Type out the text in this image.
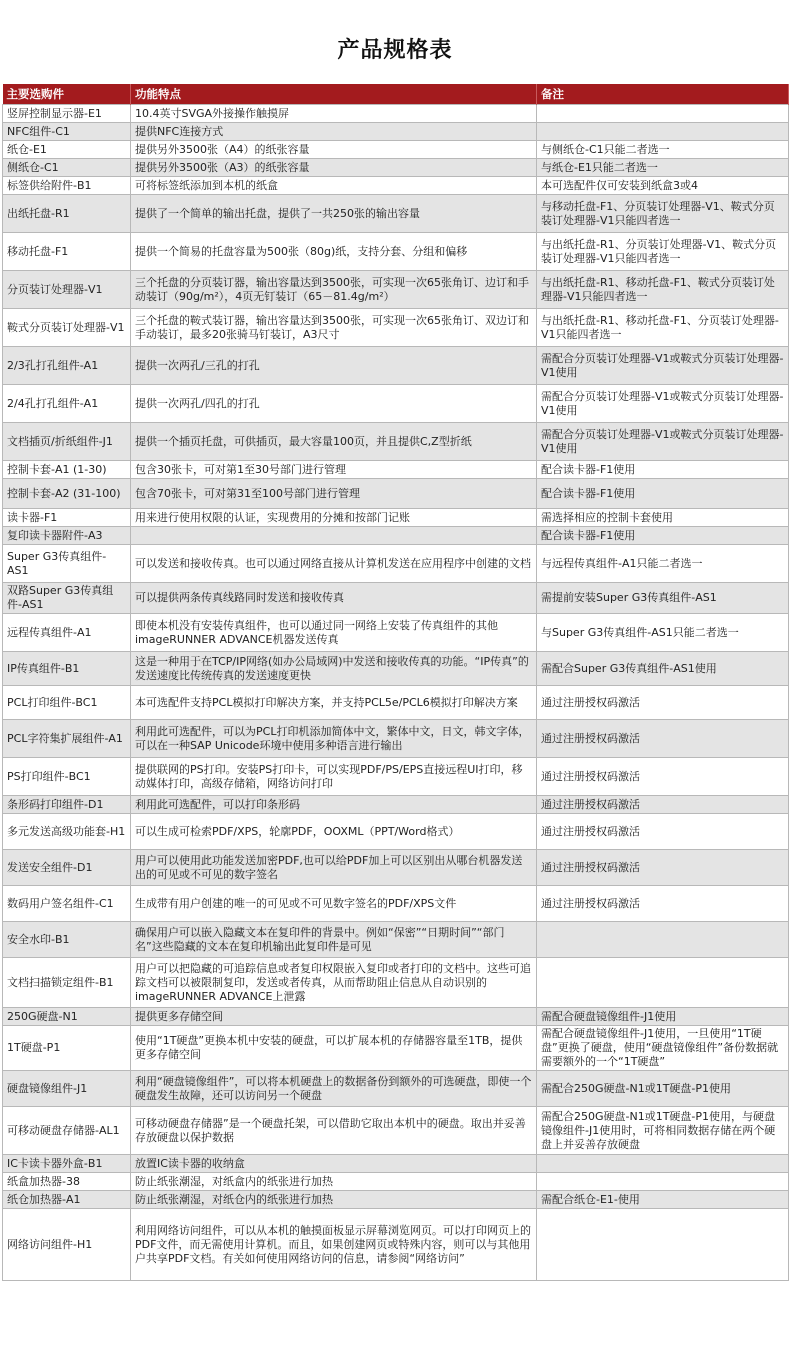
产品规格表
主要选购件	功能特点	备注
竖屏控制显示器-E1	10.4英寸SVGA外接操作触摸屏	
NFC组件-C1	提供NFC连接方式	
纸仓-E1	提供另外3500张（A4）的纸张容量	与侧纸仓-C1只能二者选一
侧纸仓-C1	提供另外3500张（A3）的纸张容量	与纸仓-E1只能二者选一
标签供给附件-B1	可将标签纸添加到本机的纸盒	本可选配件仅可安装到纸盒3或4
出纸托盘-R1	提供了一个简单的输出托盘，提供了一共250张的输出容量	与移动托盘-F1、分页装订处理器-V1、鞍式分页装订处理器-V1只能四者选一
移动托盘-F1	提供一个简易的托盘容量为500张（80g)纸，支持分套、分组和偏移	与出纸托盘-R1、分页装订处理器-V1、鞍式分页装订处理器-V1只能四者选一
分页装订处理器-V1	三个托盘的分页装订器，输出容量达到3500张，可实现一次65张角订、边订和手动装订（90g/m²），4页无钉装订（65－81.4g/m²）	与出纸托盘-R1、移动托盘-F1、鞍式分页装订处理器-V1只能四者选一
鞍式分页装订处理器-V1	三个托盘的鞍式装订器，输出容量达到3500张，可实现一次65张角订、双边订和手动装订，最多20张骑马钉装订，A3尺寸	与出纸托盘-R1、移动托盘-F1、分页装订处理器-V1只能四者选一
2/3孔打孔组件-A1	提供一次两孔/三孔的打孔	需配合分页装订处理器-V1或鞍式分页装订处理器-V1使用
2/4孔打孔组件-A1	提供一次两孔/四孔的打孔	需配合分页装订处理器-V1或鞍式分页装订处理器-V1使用
文档插页/折纸组件-J1	提供一个插页托盘，可供插页，最大容量100页，并且提供C,Z型折纸	需配合分页装订处理器-V1或鞍式分页装订处理器-V1使用
控制卡套-A1 (1-30)	包含30张卡，可对第1至30号部门进行管理	配合读卡器-F1使用
控制卡套-A2 (31-100)	包含70张卡，可对第31至100号部门进行管理	配合读卡器-F1使用
读卡器-F1	用来进行使用权限的认证，实现费用的分摊和按部门记账	需选择相应的控制卡套使用
复印读卡器附件-A3		配合读卡器-F1使用
Super G3传真组件-AS1	可以发送和接收传真。也可以通过网络直接从计算机发送在应用程序中创建的文档	与远程传真组件-A1只能二者选一
双路Super G3传真组件-AS1	可以提供两条传真线路同时发送和接收传真	需提前安装Super G3传真组件-AS1
远程传真组件-A1	即使本机没有安装传真组件，也可以通过同一网络上安装了传真组件的其他imageRUNNER ADVANCE机器发送传真	与Super G3传真组件-AS1只能二者选一
IP传真组件-B1	这是一种用于在TCP/IP网络(如办公局域网)中发送和接收传真的功能。“IP传真”的发送速度比传统传真的发送速度更快	需配合Super G3传真组件-AS1使用
PCL打印组件-BC1	本可选配件支持PCL模拟打印解决方案，并支持PCL5e/PCL6模拟打印解决方案	通过注册授权码激活
PCL字符集扩展组件-A1	利用此可选配件，可以为PCL打印机添加简体中文，繁体中文，日文，韩文字体，可以在一种SAP Unicode环境中使用多种语言进行输出	通过注册授权码激活
PS打印组件-BC1	提供联网的PS打印。安装PS打印卡，可以实现PDF/PS/EPS直接远程UI打印，移动媒体打印，高级存储箱，网络访问打印	通过注册授权码激活
条形码打印组件-D1	利用此可选配件，可以打印条形码	通过注册授权码激活
多元发送高级功能套-H1	可以生成可检索PDF/XPS，轮廓PDF，OOXML（PPT/Word格式）	通过注册授权码激活
发送安全组件-D1	用户可以使用此功能发送加密PDF,也可以给PDF加上可以区别出从哪台机器发送出的可见或不可见的数字签名	通过注册授权码激活
数码用户签名组件-C1	生成带有用户创建的唯一的可见或不可见数字签名的PDF/XPS文件	通过注册授权码激活
安全水印-B1	确保用户可以嵌入隐藏文本在复印件的背景中。例如“保密”“日期时间”“部门名”这些隐藏的文本在复印机输出此复印件是可见	
文档扫描锁定组件-B1	用户可以把隐藏的可追踪信息或者复印权限嵌入复印或者打印的文档中。这些可追踪文档可以被限制复印，发送或者传真，从而帮助阻止信息从自动识别的imageRUNNER ADVANCE上泄露	
250G硬盘-N1	提供更多存储空间	需配合硬盘镜像组件-J1使用
1T硬盘-P1	使用“1T硬盘”更换本机中安装的硬盘，可以扩展本机的存储器容量至1TB，提供更多存储空间	需配合硬盘镜像组件-J1使用，一旦使用“1T硬盘”更换了硬盘，使用“硬盘镜像组件”备份数据就需要额外的一个“1T硬盘”
硬盘镜像组件-J1	利用“硬盘镜像组件”，可以将本机硬盘上的数据备份到额外的可选硬盘，即使一个硬盘发生故障，还可以访问另一个硬盘	需配合250G硬盘-N1或1T硬盘-P1使用
可移动硬盘存储器-AL1	可移动硬盘存储器”是一个硬盘托架，可以借助它取出本机中的硬盘。取出并妥善存放硬盘以保护数据	需配合250G硬盘-N1或1T硬盘-P1使用，与硬盘镜像组件-J1使用时，可将相同数据存储在两个硬盘上并妥善存放硬盘
IC卡读卡器外盒-B1	放置IC读卡器的收纳盒	
纸盒加热器-38	防止纸张潮湿，对纸盒内的纸张进行加热	
纸仓加热器-A1	防止纸张潮湿，对纸仓内的纸张进行加热	需配合纸仓-E1-使用
网络访问组件-H1	利用网络访问组件，可以从本机的触摸面板显示屏幕浏览网页。可以打印网页上的PDF文件，而无需使用计算机。而且，如果创建网页或特殊内容，则可以与其他用户共享PDF文档。有关如何使用网络访问的信息，请参阅“网络访问”	
